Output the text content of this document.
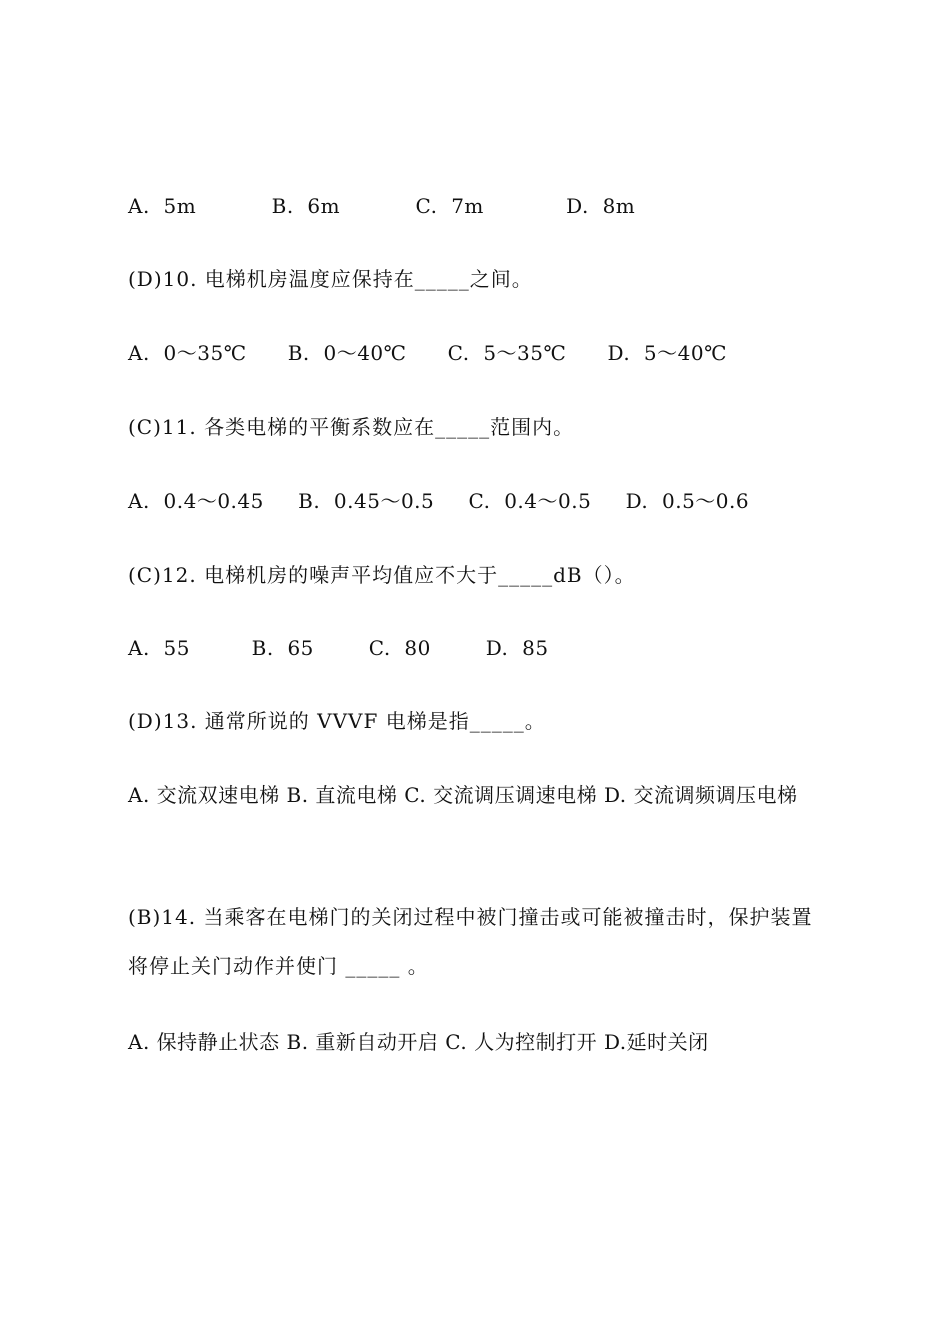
A.  5m           B.  6m           C.  7m            D.  8m
(D)10. 电梯机房温度应保持在_____之间。
A.  0～35℃      B.  0～40℃      C.  5～35℃      D.  5～40℃
(C)11. 各类电梯的平衡系数应在_____范围内。
A.  0.4～0.45     B.  0.45～0.5     C.  0.4～0.5     D.  0.5～0.6
(C)12. 电梯机房的噪声平均值应不大于_____dB（）。
A.  55         B.  65        C.  80        D.  85
(D)13. 通常所说的 VVVF 电梯是指_____。
A. 交流双速电梯 B. 直流电梯 C. 交流调压调速电梯 D. 交流调频调压电梯
(B)14. 当乘客在电梯门的关闭过程中被门撞击或可能被撞击时，保护装置将停止关门动作并使门 _____ 。
A. 保持静止状态 B. 重新自动开启 C. 人为控制打开 D.延时关闭
